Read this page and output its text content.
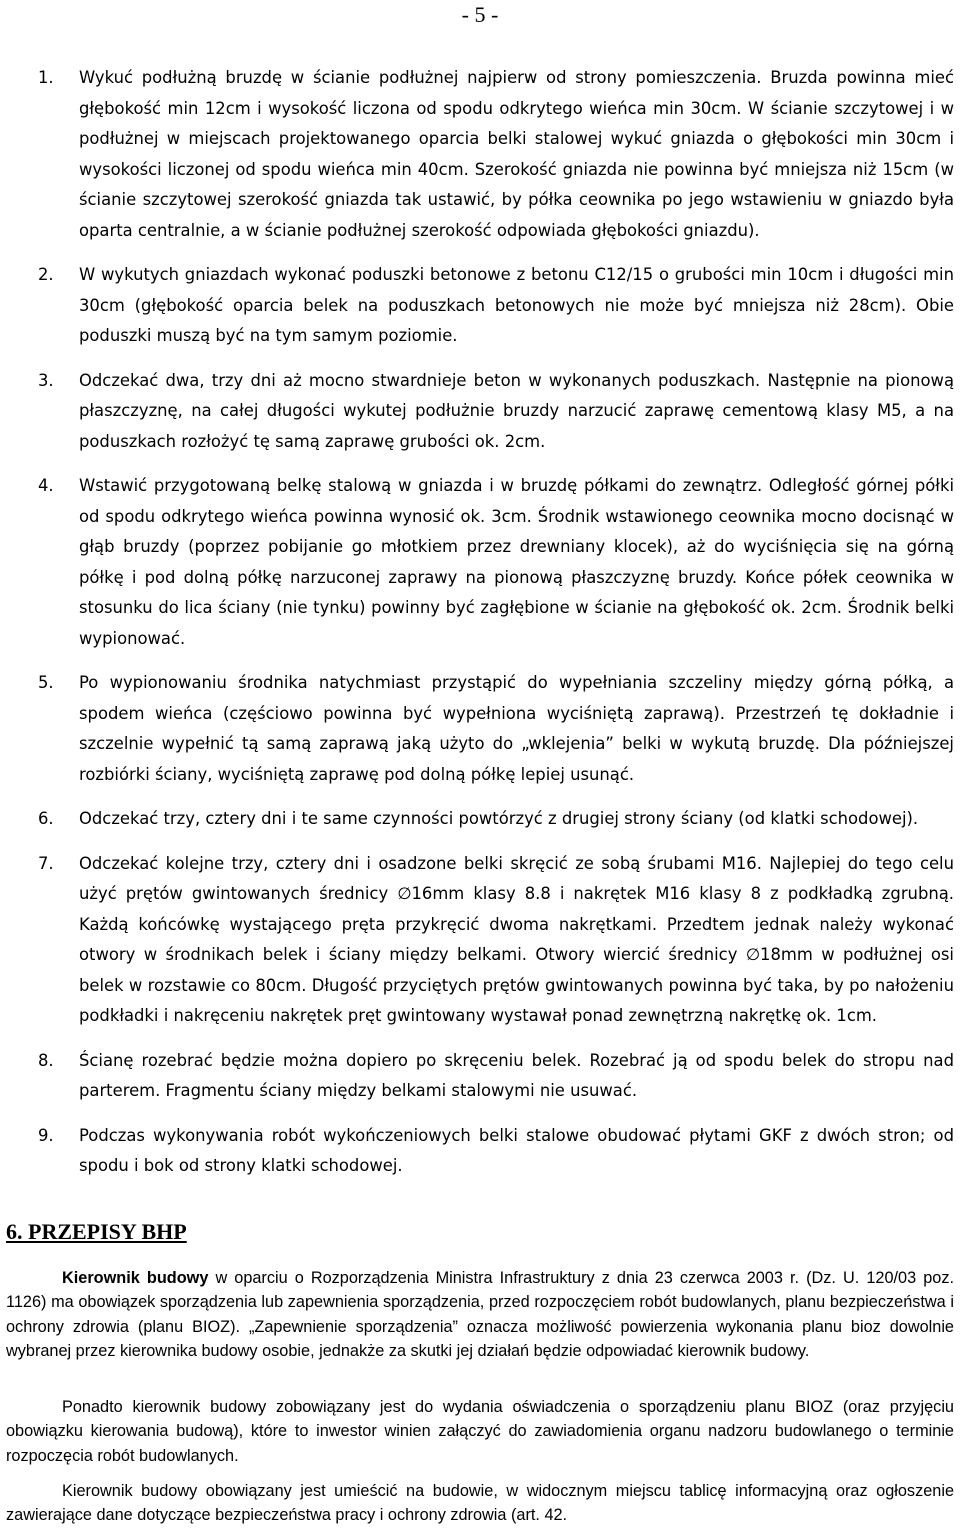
- 5 -
1. Wykuć podłużną bruzdę w ścianie podłużnej najpierw od strony pomieszczenia. Bruzda powinna mieć głębokość min 12cm i wysokość liczona od spodu odkrytego wieńca min 30cm. W ścianie szczytowej i w podłużnej w miejscach projektowanego oparcia belki stalowej wykuć gniazda o głębokości min 30cm i wysokości liczonej od spodu wieńca min 40cm. Szerokość gniazda nie powinna być mniejsza niż 15cm (w ścianie szczytowej szerokość gniazda tak ustawić, by półka ceownika po jego wstawieniu w gniazdo była oparta centralnie, a w ścianie podłużnej szerokość odpowiada głębokości gniazdu).
2. W wykutych gniazdach wykonać poduszki betonowe z betonu C12/15 o grubości min 10cm i długości min 30cm (głębokość oparcia belek na poduszkach betonowych nie może być mniejsza niż 28cm). Obie poduszki muszą być na tym samym poziomie.
3. Odczekać dwa, trzy dni aż mocno stwardnieje beton w wykonanych poduszkach. Następnie na pionową płaszczyznę, na całej długości wykutej podłużnie bruzdy narzucić zaprawę cementową klasy M5, a na poduszkach rozłożyć tę samą zaprawę grubości ok. 2cm.
4. Wstawić przygotowaną belkę stalową w gniazda i w bruzdę półkami do zewnątrz. Odległość górnej półki od spodu odkrytego wieńca powinna wynosić ok. 3cm. Środnik wstawionego ceownika mocno docisnąć w głąb bruzdy (poprzez pobijanie go młotkiem przez drewniany klocek), aż do wyciśnięcia się na górną półkę i pod dolną półkę narzuconej zaprawy na pionową płaszczyznę bruzdy. Końce półek ceownika w stosunku do lica ściany (nie tynku) powinny być zagłębione w ścianie na głębokość ok. 2cm. Środnik belki wypionować.
5. Po wypionowaniu środnika natychmiast przystąpić do wypełniania szczeliny między górną półką, a spodem wieńca (częściowo powinna być wypełniona wyciśniętą zaprawą). Przestrzeń tę dokładnie i szczelnie wypełnić tą samą zaprawą jaką użyto do „wklejenia” belki w wykutą bruzdę. Dla późniejszej rozbiórki ściany, wyciśniętą zaprawę pod dolną półkę lepiej usunąć.
6. Odczekać trzy, cztery dni i te same czynności powtórzyć z drugiej strony ściany (od klatki schodowej).
7. Odczekać kolejne trzy, cztery dni i osadzone belki skręcić ze sobą śrubami M16. Najlepiej do tego celu użyć prętów gwintowanych średnicy ∅16mm klasy 8.8 i nakrętek M16 klasy 8 z podkładką zgrubną. Każdą końcówkę wystającego pręta przykręcić dwoma nakrętkami. Przedtem jednak należy wykonać otwory w środnikach belek i ściany między belkami. Otwory wiercić średnicy ∅18mm w podłużnej osi belek w rozstawie co 80cm. Długość przyciętych prętów gwintowanych powinna być taka, by po nałożeniu podkładki i nakręceniu nakrętek pręt gwintowany wystawał ponad zewnętrzną nakrętkę ok. 1cm.
8. Ścianę rozebrać będzie można dopiero po skręceniu belek. Rozebrać ją od spodu belek do stropu nad parterem. Fragmentu ściany między belkami stalowymi nie usuwać.
9. Podczas wykonywania robót wykończeniowych belki stalowe obudować płytami GKF z dwóch stron; od spodu i bok od strony klatki schodowej.
6. PRZEPISY BHP

Kierownik budowy w oparciu o Rozporządzenia Ministra Infrastruktury z dnia 23 czerwca 2003 r. (Dz. U. 120/03 poz. 1126) ma obowiązek sporządzenia lub zapewnienia sporządzenia, przed rozpoczęciem robót budowlanych, planu bezpieczeństwa i ochrony zdrowia (planu BIOZ). „Zapewnienie sporządzenia” oznacza możliwość powierzenia wykonania planu bioz dowolnie wybranej przez kierownika budowy osobie, jednakże za skutki jej działań będzie odpowiadać kierownik budowy.

Ponadto kierownik budowy zobowiązany jest do wydania oświadczenia o sporządzeniu planu BIOZ (oraz przyjęciu obowiązku kierowania budową), które to inwestor winien załączyć do zawiadomienia organu nadzoru budowlanego o terminie rozpoczęcia robót budowlanych.

Kierownik budowy obowiązany jest umieścić na budowie, w widocznym miejscu tablicę informacyjną oraz ogłoszenie zawierające dane dotyczące bezpieczeństwa pracy i ochrony zdrowia (art. 42.
